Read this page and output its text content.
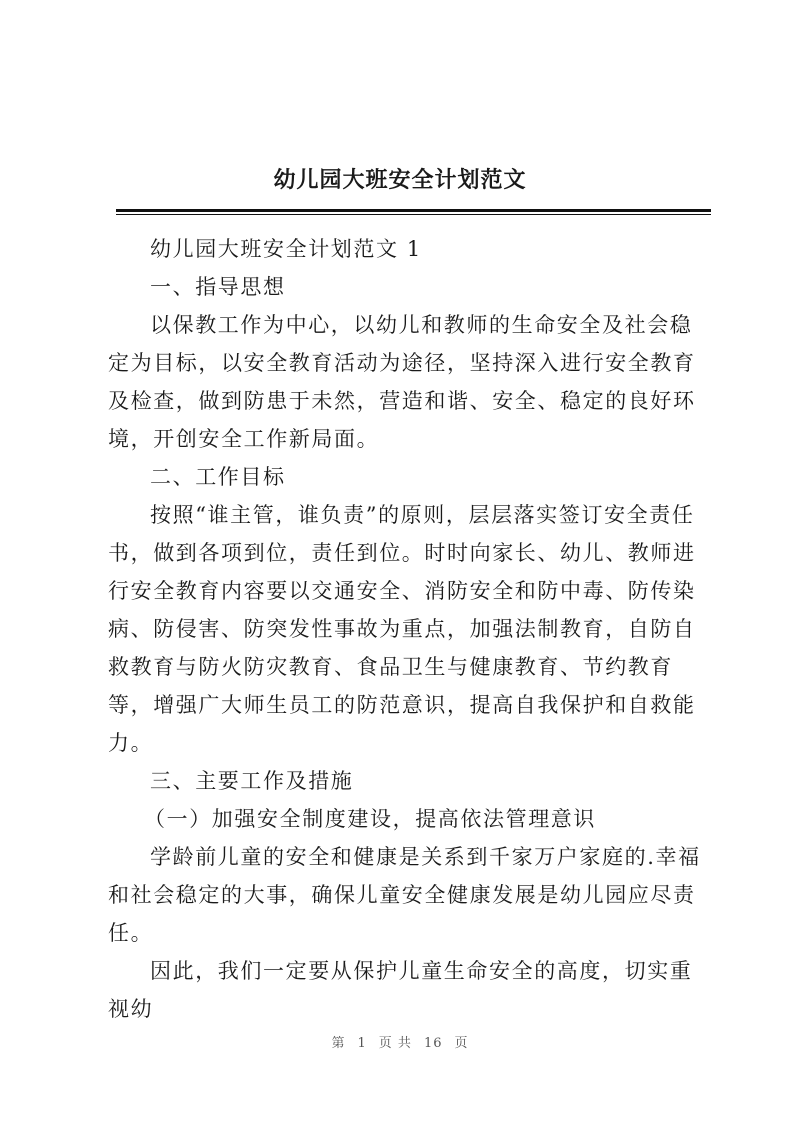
幼儿园大班安全计划范文

幼儿园大班安全计划范文 1

一、指导思想

以保教工作为中心，以幼儿和教师的生命安全及社会稳定为目标，以安全教育活动为途径，坚持深入进行安全教育及检查，做到防患于未然，营造和谐、安全、稳定的良好环境，开创安全工作新局面。

二、工作目标

按照“谁主管，谁负责”的原则，层层落实签订安全责任书，做到各项到位，责任到位。时时向家长、幼儿、教师进行安全教育内容要以交通安全、消防安全和防中毒、防传染病、防侵害、防突发性事故为重点，加强法制教育，自防自救教育与防火防灾教育、食品卫生与健康教育、节约教育等，增强广大师生员工的防范意识，提高自我保护和自救能力。

三、主要工作及措施

（一）加强安全制度建设，提高依法管理意识

学龄前儿童的安全和健康是关系到千家万户家庭的.幸福和社会稳定的大事，确保儿童安全健康发展是幼儿园应尽责任。

因此，我们一定要从保护儿童生命安全的高度，切实重视幼

第 1 页 共 16 页
